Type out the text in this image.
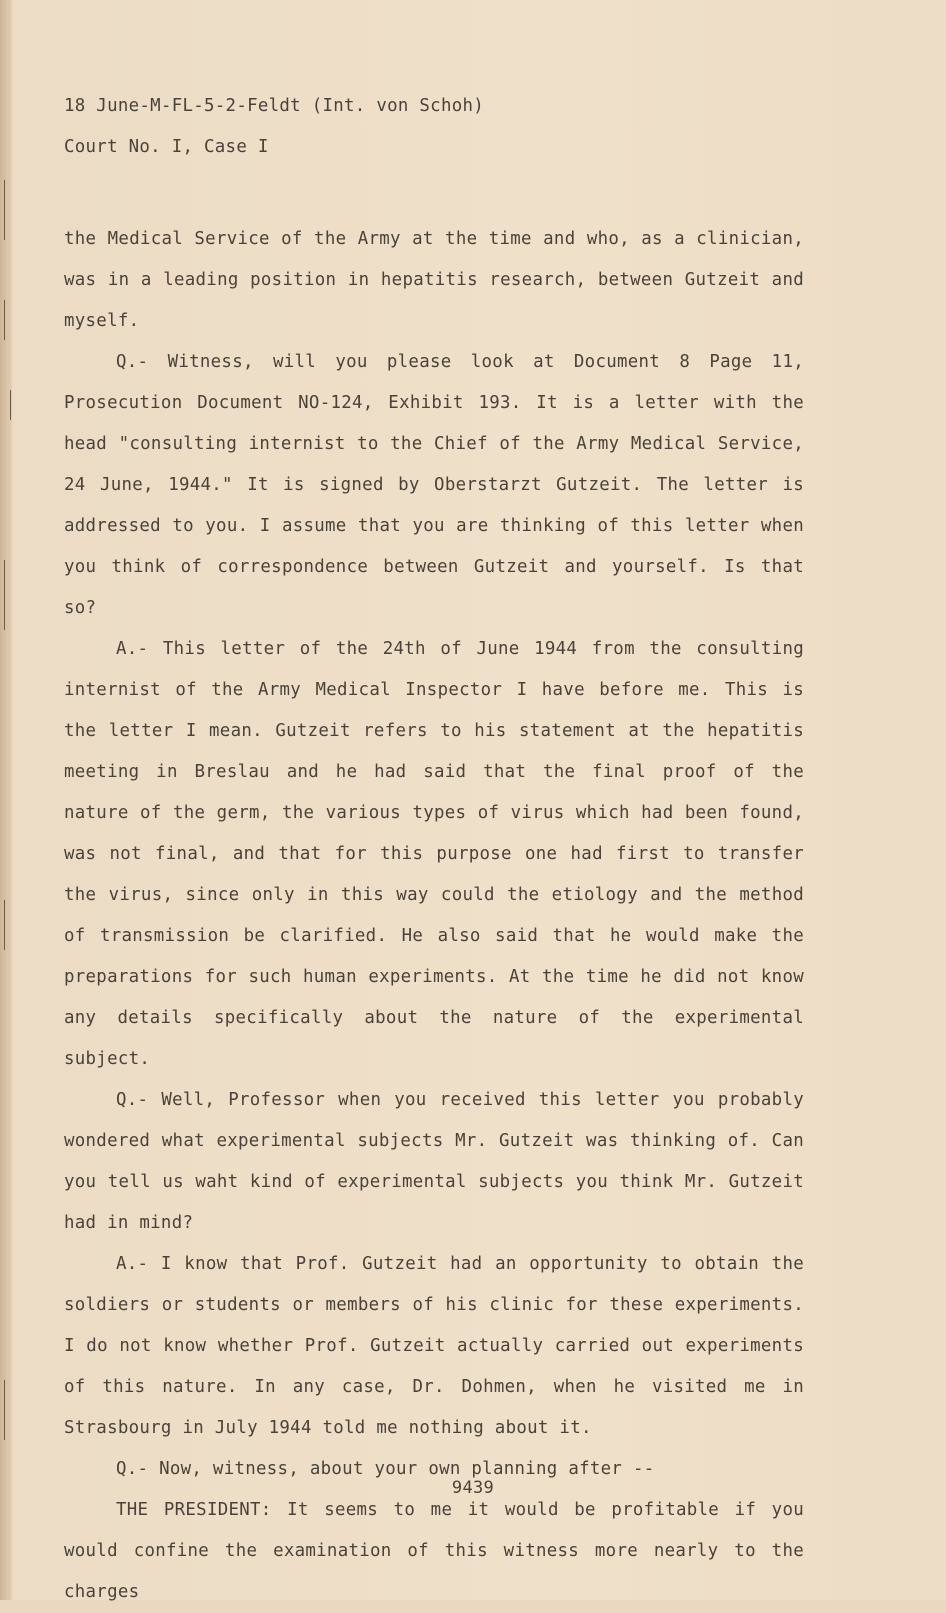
18 June-M-FL-5-2-Feldt (Int. von Schoh)
Court No. I, Case I

the Medical Service of the Army at the time and who, as a clinician, was in a leading position in hepatitis research, between Gutzeit and myself.

Q.- Witness, will you please look at Document 8 Page 11, Prosecution Document NO-124, Exhibit 193. It is a letter with the head "consulting internist to the Chief of the Army Medical Service, 24 June, 1944." It is signed by Oberstarzt Gutzeit. The letter is addressed to you. I assume that you are thinking of this letter when you think of correspondence between Gutzeit and yourself. Is that so?

A.- This letter of the 24th of June 1944 from the consulting internist of the Army Medical Inspector I have before me. This is the letter I mean. Gutzeit refers to his statement at the hepatitis meeting in Breslau and he had said that the final proof of the nature of the germ, the various types of virus which had been found, was not final, and that for this purpose one had first to transfer the virus, since only in this way could the etiology and the method of transmission be clarified. He also said that he would make the preparations for such human experiments. At the time he did not know any details specifically about the nature of the experimental subject.

Q.- Well, Professor when you received this letter you probably wondered what experimental subjects Mr. Gutzeit was thinking of. Can you tell us waht kind of experimental subjects you think Mr. Gutzeit had in mind?

A.- I know that Prof. Gutzeit had an opportunity to obtain the soldiers or students or members of his clinic for these experiments. I do not know whether Prof. Gutzeit actually carried out experiments of this nature. In any case, Dr. Dohmen, when he visited me in Strasbourg in July 1944 told me nothing about it.

Q.- Now, witness, about your own planning after --

THE PRESIDENT: It seems to me it would be profitable if you would confine the examination of this witness more nearly to the charges

9439
